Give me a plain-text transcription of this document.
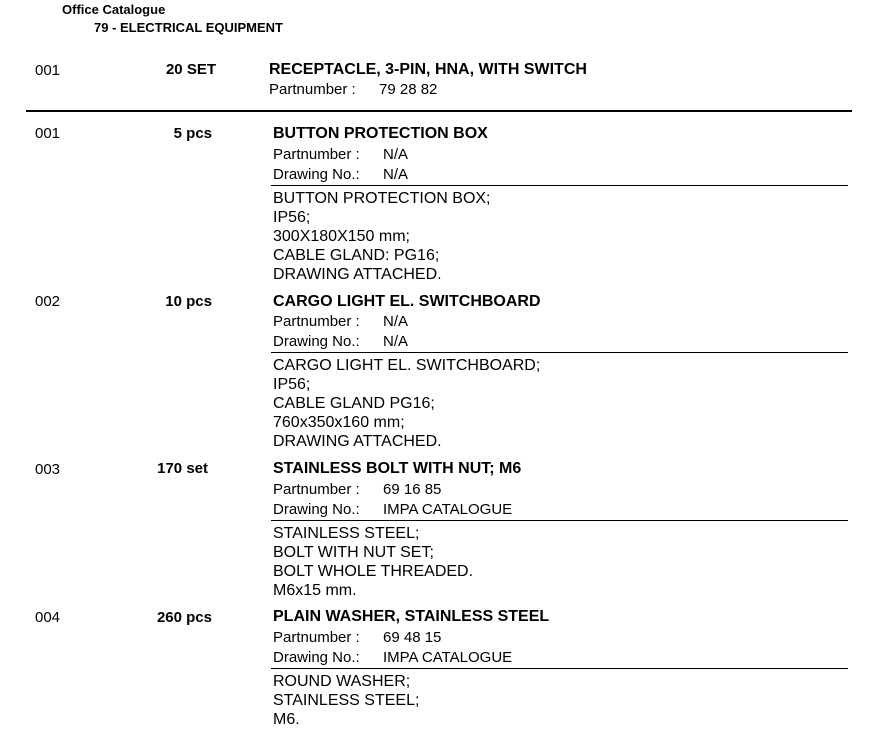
Office Catalogue
79 - ELECTRICAL EQUIPMENT
001	20 SET	RECEPTACLE, 3-PIN, HNA, WITH SWITCH
Partnumber : 79 28 82
001	5 pcs	BUTTON PROTECTION BOX
Partnumber : N/A
Drawing No.: N/A
BUTTON PROTECTION BOX;
IP56;
300X180X150 mm;
CABLE GLAND: PG16;
DRAWING ATTACHED.
002	10 pcs	CARGO LIGHT EL. SWITCHBOARD
Partnumber : N/A
Drawing No.: N/A
CARGO LIGHT EL. SWITCHBOARD;
IP56;
CABLE GLAND PG16;
760x350x160 mm;
DRAWING ATTACHED.
003	170 set	STAINLESS BOLT WITH NUT; M6
Partnumber : 69 16 85
Drawing No.: IMPA CATALOGUE
STAINLESS STEEL;
BOLT WITH NUT SET;
BOLT WHOLE THREADED.
M6x15 mm.
004	260 pcs	PLAIN WASHER, STAINLESS STEEL
Partnumber : 69 48 15
Drawing No.: IMPA CATALOGUE
ROUND WASHER;
STAINLESS STEEL;
M6.
